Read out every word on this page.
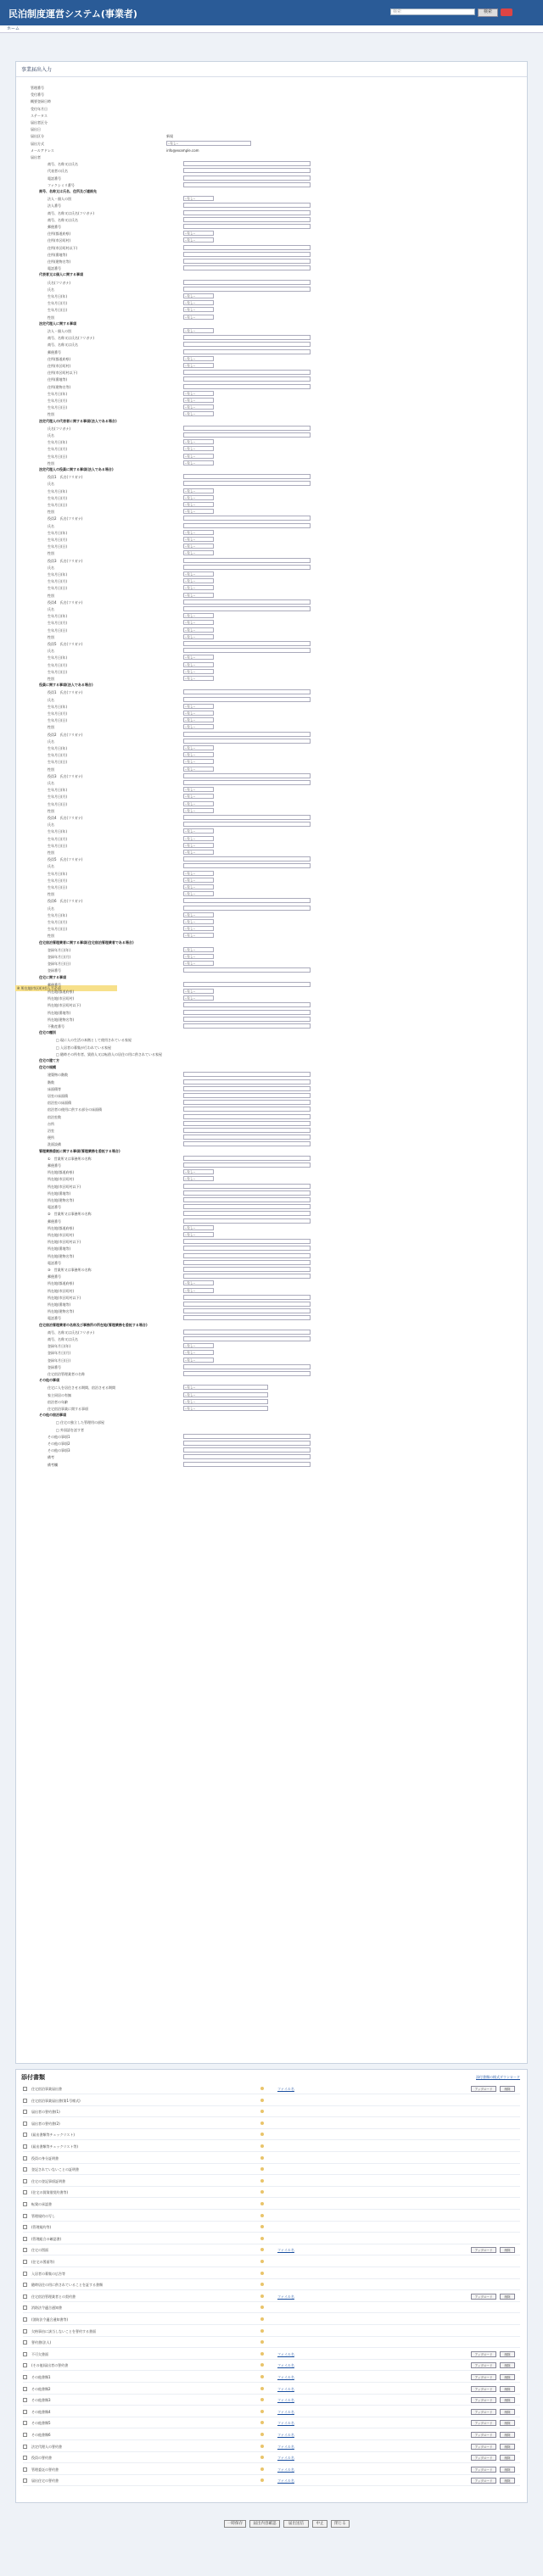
民泊制度運営システム(事業者)	検索	検索
ホーム
事業届出入力
管理番号
受付番号
概要登録日時
受付年月日
ステータス
届出者区分
届出日
届出区分	新規
届出方式	--なし--
メールアドレス	info@example.com
届出者
商号、名称又は氏名
代表者の氏名
電話番号
ファクシミリ番号
商号、名称又は氏名、住所及び連絡先
法人・個人の別	--なし--
法人番号
商号、名称又は氏名(フリガナ)
商号、名称又は氏名
郵便番号
住所(都道府県)	--なし--
住所(市区町村)	--なし--
住所(市区町村以下)
住所(番地等)
住所(建物名等)
電話番号
代表者又は個人に関する事項
氏名(フリガナ)
氏名
生年月日(年)	--なし--
生年月日(月)	--なし--
生年月日(日)	--なし--
性別	--なし--
法定代理人に関する事項
法人・個人の別	--なし--
商号、名称又は氏名(フリガナ)
商号、名称又は氏名
郵便番号
住所(都道府県)	--なし--
住所(市区町村)	--なし--
住所(市区町村以下)
住所(番地等)
住所(建物名等)
生年月日(年)	--なし--
生年月日(月)	--なし--
生年月日(日)	--なし--
性別	--なし--
法定代理人の代表者に関する事項(法人である場合)
氏名(フリガナ)
氏名
生年月日(年)	--なし--
生年月日(月)	--なし--
生年月日(日)	--なし--
性別	--なし--
法定代理人の役員に関する事項(法人である場合)
役員1　氏名(フリガナ)
氏名
生年月日(年)	--なし--
生年月日(月)	--なし--
生年月日(日)	--なし--
性別	--なし--
役員2　氏名(フリガナ)
氏名
生年月日(年)	--なし--
生年月日(月)	--なし--
生年月日(日)	--なし--
性別	--なし--
役員3　氏名(フリガナ)
氏名
生年月日(年)	--なし--
生年月日(月)	--なし--
生年月日(日)	--なし--
性別	--なし--
役員4　氏名(フリガナ)
氏名
生年月日(年)	--なし--
生年月日(月)	--なし--
生年月日(日)	--なし--
性別	--なし--
役員5　氏名(フリガナ)
氏名
生年月日(年)	--なし--
生年月日(月)	--なし--
生年月日(日)	--なし--
性別	--なし--
役員に関する事項(法人である場合)
役員1　氏名(フリガナ)
氏名
生年月日(年)	--なし--
生年月日(月)	--なし--
生年月日(日)	--なし--
性別	--なし--
役員2　氏名(フリガナ)
氏名
生年月日(年)	--なし--
生年月日(月)	--なし--
生年月日(日)	--なし--
性別	--なし--
役員3　氏名(フリガナ)
氏名
生年月日(年)	--なし--
生年月日(月)	--なし--
生年月日(日)	--なし--
性別	--なし--
役員4　氏名(フリガナ)
氏名
生年月日(年)	--なし--
生年月日(月)	--なし--
生年月日(日)	--なし--
性別	--なし--
役員5　氏名(フリガナ)
氏名
生年月日(年)	--なし--
生年月日(月)	--なし--
生年月日(日)	--なし--
性別	--なし--
役員6　氏名(フリガナ)
氏名
生年月日(年)	--なし--
生年月日(月)	--なし--
生年月日(日)	--なし--
性別	--なし--
住宅宿泊管理業者に関する事項(住宅宿泊管理業者である場合)
登録年月日(年)	--なし--
登録年月日(月)	--なし--
登録年月日(日)	--なし--
登録番号
住宅に関する事項
※ 所在地(市区町村)入力必須
郵便番号
所在地(都道府県)	--なし--
所在地(市区町村)	--なし--
所在地(市区町村以下)
所在地(番地等)
所在地(建物名等)
不動産番号
住宅の種別
□ 現に人の生活の本拠として使用されている家屋
□ 入居者の募集が行われている家屋
□ 随時その所有者、賃借人又は転借人の居住の用に供されている家屋
住宅の建て方
住宅の規模
建築物の階数
階数
床面積等
居室の床面積
宿泊室の床面積
宿泊者の使用に供する部分の床面積
宿泊室数
台所
浴室
便所
洗面設備
管理業務委託に関する事項(管理業務を委託する場合)
①　営業所又は事務所の名称
郵便番号
所在地(都道府県)	--なし--
所在地(市区町村)	--なし--
所在地(市区町村以下)
所在地(番地等)
所在地(建物名等)
電話番号
②　営業所又は事務所の名称
郵便番号
所在地(都道府県)	--なし--
所在地(市区町村)	--なし--
所在地(市区町村以下)
所在地(番地等)
所在地(建物名等)
電話番号
③　営業所又は事務所の名称
郵便番号
所在地(都道府県)	--なし--
所在地(市区町村)	--なし--
所在地(市区町村以下)
所在地(番地等)
所在地(建物名等)
電話番号
住宅宿泊管理業者の名称及び事務所の所在地(管理業務を委託する場合)
商号、名称又は氏名(フリガナ)
商号、名称又は氏名
登録年月日(年)	--なし--
登録年月日(月)	--なし--
登録年月日(日)	--なし--
登録番号
住宅宿泊管理業者の名称
その他の事項
住宅に人を居住させる期間、宿泊させる期間	--なし--
家主同居の有無	--なし--
宿泊者の年齢	--なし--
住宅宿泊事業に関する事項	--なし--
その他の宿泊事項
□ 住宅の独立した管理用の部屋
□ 外国語を話す者
その他の事項1
その他の事項2
その他の事項3
備考
備考欄
添付書類	添付書類の様式ダウンロード
住宅宿泊事業届出書	ファイル名	アップロード	削除
住宅宿泊事業届出書(第1号様式)
届出者の誓約書(1)
届出者の誓約書(2)
(届出書類等チェックリスト)
(届出書類等チェックリスト等)
役員の身分証明書
登記されていないことの証明書
住宅の登記事項証明書
(住宅の賃貸借契約書等)
転貸の承認書
管理規約の写し
(管理規約等)
(管理組合の確認書)
住宅の図面	ファイル名	アップロード	削除
(住宅の図面等)
入居者の募集の広告等
随時居住の用に供されていることを証する書類
住宅宿泊管理業者との契約書	ファイル名	アップロード	削除
消防法令適合通知書
(消防法令適合通知書等)
欠格事由に該当しないことを誓約する書面
誓約書(法人)
不可欠書面	ファイル名	アップロード	削除
(その他)届出者の誓約書	ファイル名	アップロード	削除
その他書類1	ファイル名	アップロード	削除
その他書類2	ファイル名	アップロード	削除
その他書類3	ファイル名	アップロード	削除
その他書類4	ファイル名	アップロード	削除
その他書類5	ファイル名	アップロード	削除
その他書類6	ファイル名	アップロード	削除
法定代理人の誓約書	ファイル名	アップロード	削除
役員の誓約書	ファイル名	アップロード	削除
管理委託の誓約書	ファイル名	アップロード	削除
届出住宅の誓約書	ファイル名	アップロード	削除
一時保存	届出内容確認	届出送信	中止	閉じる
